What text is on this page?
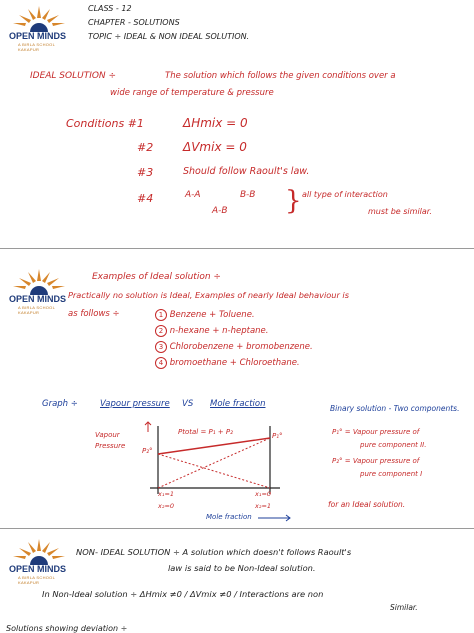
OPEN MINDS
A BIRLA SCHOOL
KAKAPUR
CLASS - 12
CHAPTER - SOLUTIONS
TOPIC ÷ IDEAL & NON IDEAL SOLUTION.
IDEAL SOLUTION ÷	The solution which follows the given conditions over a
wide range of temperature & pressure
Conditions #1	ΔHmix = 0
#2 ΔVmix = 0
#3	Should follow Raoult's law.
#4	A-A	B-B
A-B } all type of interaction
must be similar.
OPEN MINDS
A BIRLA SCHOOL
KAKAPUR
Examples of Ideal solution ÷
Practically no solution is Ideal, Examples of nearly Ideal behaviour is
as follows ÷	1 Benzene + Toluene.
2 n-hexane + n-heptane.
3 Chlorobenzene + bromobenzene.
4 bromoethane + Chloroethane.
Graph ÷	Vapour pressure VS Mole fraction	Binary solution - Two components.
Vapour
Pressure
P₂°
P₁°
Ptotal = P₁ + P₂
x₁=1
x₂=0
x₁=0
x₂=1
Mole fraction
P₁° = Vapour pressure of
pure component II.
P₂° = Vapour pressure of
pure component I
for an Ideal solution.
OPEN MINDS
A BIRLA SCHOOL
KAKAPUR
NON- IDEAL SOLUTION ÷ A solution which doesn't follows Raoult's
law is said to be Non-Ideal solution.
In Non-Ideal solution ÷ ΔHmix ≠0 / ΔVmix ≠0 / Interactions are non
Similar.
Solutions showing deviation ÷
